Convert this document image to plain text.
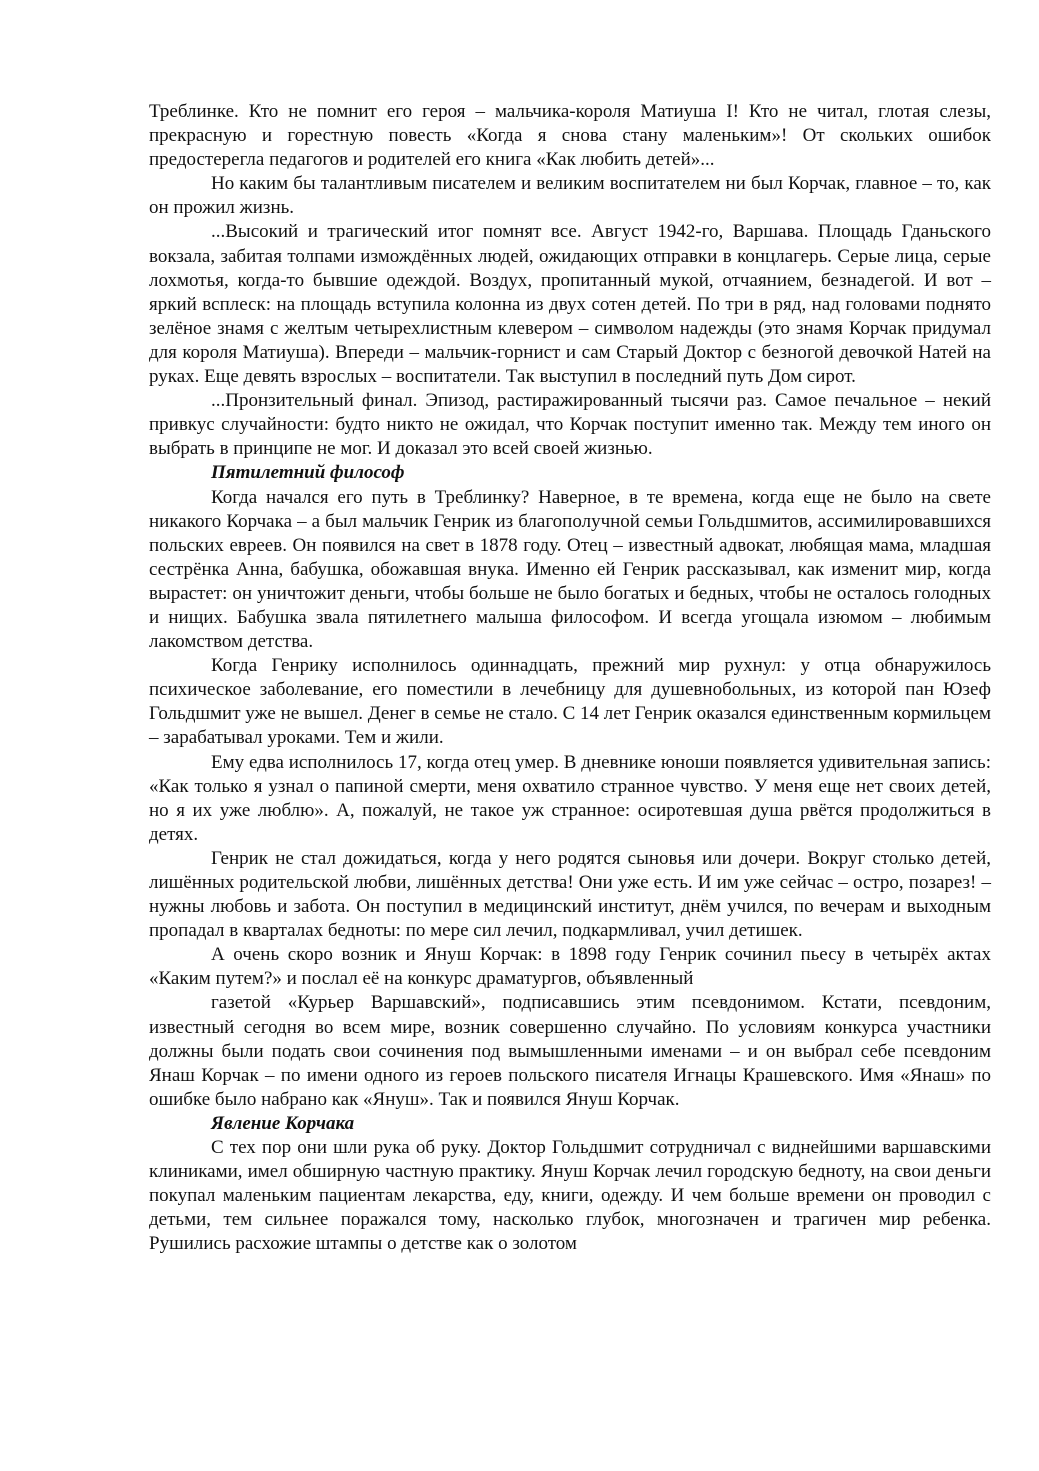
Треблинке. Кто не помнит его героя – мальчика-короля Матиуша I! Кто не читал, глотая слезы, прекрасную и горестную повесть «Когда я снова стану маленьким»! От скольких ошибок предостерегла педагогов и родителей его книга «Как любить детей»...

Но каким бы талантливым писателем и великим воспитателем ни был Корчак, главное – то, как он прожил жизнь.

...Высокий и трагический итог помнят все. Август 1942-го, Варшава. Площадь Гданьского вокзала, забитая толпами измождённых людей, ожидающих отправки в концлагерь. Серые лица, серые лохмотья, когда-то бывшие одеждой. Воздух, пропитанный мукой, отчаянием, безнадегой. И вот – яркий всплеск: на площадь вступила колонна из двух сотен детей. По три в ряд, над головами поднято зелёное знамя с желтым четырехлистным клевером – символом надежды (это знамя Корчак придумал для короля Матиуша). Впереди – мальчик-горнист и сам Старый Доктор с безногой девочкой Натей на руках. Еще девять взрослых – воспитатели. Так выступил в последний путь Дом сирот.

...Пронзительный финал. Эпизод, растиражированный тысячи раз. Самое печальное – некий привкус случайности: будто никто не ожидал, что Корчак поступит именно так. Между тем иного он выбрать в принципе не мог. И доказал это всей своей жизнью.

Пятилетний философ

Когда начался его путь в Треблинку? Наверное, в те времена, когда еще не было на свете никакого Корчака – а был мальчик Генрик из благополучной семьи Гольдшмитов, ассимилировавшихся польских евреев. Он появился на свет в 1878 году. Отец – известный адвокат, любящая мама, младшая сестрёнка Анна, бабушка, обожавшая внука. Именно ей Генрик рассказывал, как изменит мир, когда вырастет: он уничтожит деньги, чтобы больше не было богатых и бедных, чтобы не осталось голодных и нищих. Бабушка звала пятилетнего малыша философом. И всегда угощала изюмом – любимым лакомством детства.

Когда Генрику исполнилось одиннадцать, прежний мир рухнул: у отца обнаружилось психическое заболевание, его поместили в лечебницу для душевнобольных, из которой пан Юзеф Гольдшмит уже не вышел. Денег в семье не стало. С 14 лет Генрик оказался единственным кормильцем – зарабатывал уроками. Тем и жили.

Ему едва исполнилось 17, когда отец умер. В дневнике юноши появляется удивительная запись: «Как только я узнал о папиной смерти, меня охватило странное чувство. У меня еще нет своих детей, но я их уже люблю». А, пожалуй, не такое уж странное: осиротевшая душа рвётся продолжиться в детях.

Генрик не стал дожидаться, когда у него родятся сыновья или дочери. Вокруг столько детей, лишённых родительской любви, лишённых детства! Они уже есть. И им уже сейчас – остро, позарез! – нужны любовь и забота. Он поступил в медицинский институт, днём учился, по вечерам и выходным пропадал в кварталах бедноты: по мере сил лечил, подкармливал, учил детишек.

А очень скоро возник и Януш Корчак: в 1898 году Генрик сочинил пьесу в четырёх актах «Каким путем?» и послал её на конкурс драматургов, объявленный

газетой «Курьер Варшавский», подписавшись этим псевдонимом. Кстати, псевдоним, известный сегодня во всем мире, возник совершенно случайно. По условиям конкурса участники должны были подать свои сочинения под вымышленными именами – и он выбрал себе псевдоним Янаш Корчак – по имени одного из героев польского писателя Игнацы Крашевского. Имя «Янаш» по ошибке было набрано как «Януш». Так и появился Януш Корчак.

Явление Корчака

С тех пор они шли рука об руку. Доктор Гольдшмит сотрудничал с виднейшими варшавскими клиниками, имел обширную частную практику. Януш Корчак лечил городскую бедноту, на свои деньги покупал маленьким пациентам лекарства, еду, книги, одежду. И чем больше времени он проводил с детьми, тем сильнее поражался тому, насколько глубок, многозначен и трагичен мир ребенка. Рушились расхожие штампы о детстве как о золотом
